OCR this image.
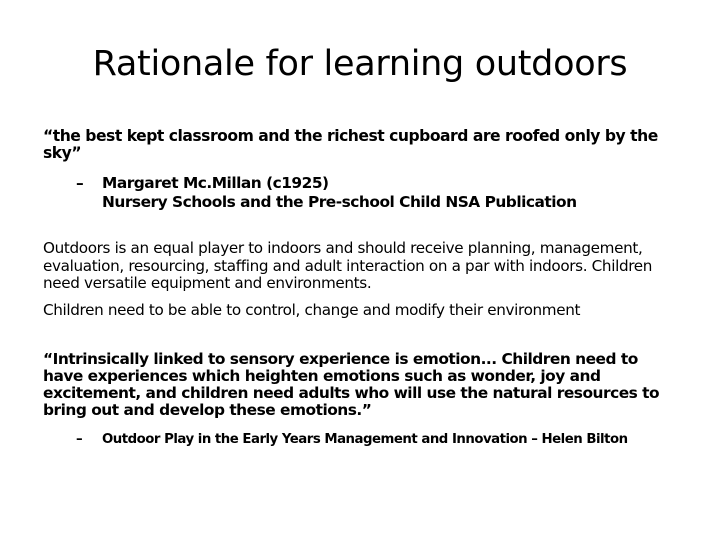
Rationale for learning outdoors

“the best kept classroom and the richest cupboard are roofed only by the sky”

– Margaret Mc.Millan (c1925)
Nursery Schools and the Pre-school Child NSA Publication

Outdoors is an equal player to indoors and should receive planning, management, evaluation, resourcing, staffing and adult interaction on a par with indoors. Children need versatile equipment and environments.

Children need to be able to control, change and modify their environment

“Intrinsically linked to sensory experience is emotion... Children need to have experiences which heighten emotions such as wonder, joy and excitement, and children need adults who will use the natural resources to bring out and develop these emotions.”

– Outdoor Play in the Early Years Management and Innovation – Helen Bilton
